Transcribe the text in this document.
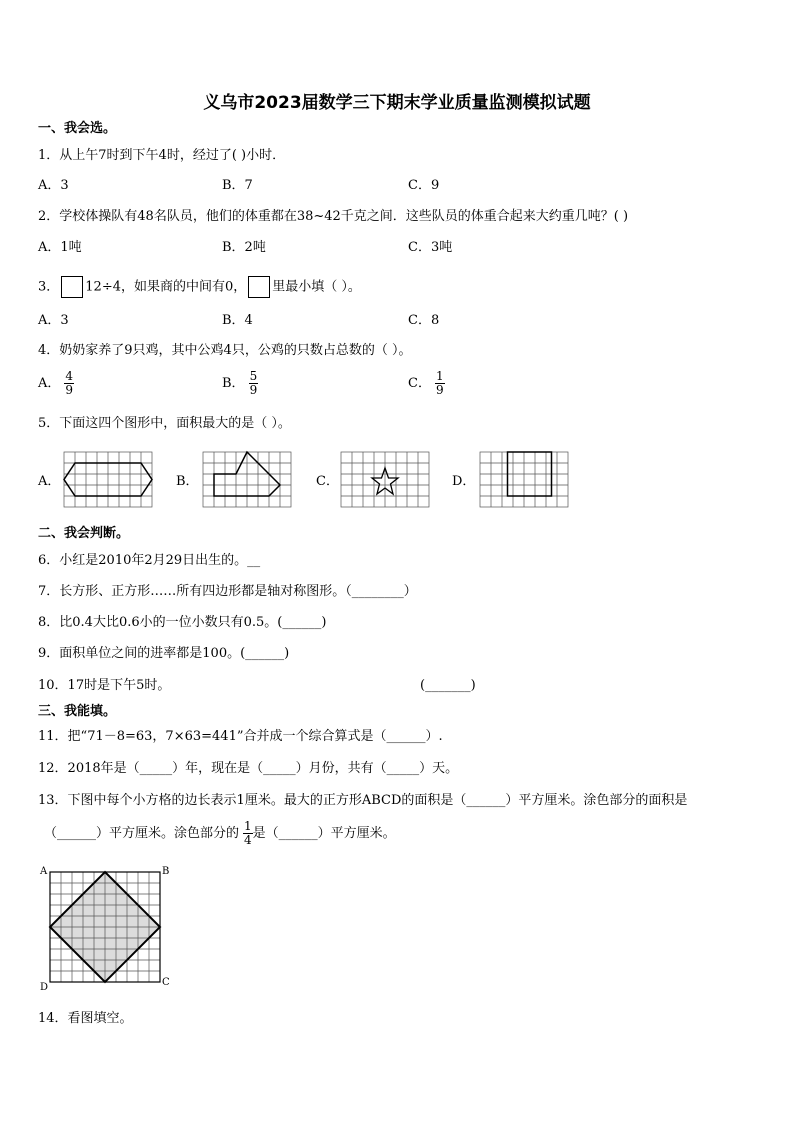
义乌市2023届数学三下期末学业质量监测模拟试题
一、我会选。
1．从上午7时到下午4时，经过了( )小时．
A．3	B．7	C．9
2．学校体操队有48名队员，他们的体重都在38~42千克之间．这些队员的体重合起来大约重几吨？( )
A．1吨	B．2吨	C．3吨
3． 12÷4，如果商的中间有0， 里最小填（ ）。
A．3	B．4	C．8
4．奶奶家养了9只鸡，其中公鸡4只，公鸡的只数占总数的（ ）。
A． $\frac{4}{9}$	B． $\frac{5}{9}$	C． $\frac{1}{9}$
5．下面这四个图形中，面积最大的是（ ）。
A．	B．	C．	D．
二、我会判断。
6．小红是2010年2月29日出生的。__
7．长方形、正方形……所有四边形都是轴对称图形。（________）
8．比0.4大比0.6小的一位小数只有0.5。(______)
9．面积单位之间的进率都是100。(______)
10．17时是下午5时。	(_______)
三、我能填。
11．把“71－8=63，7×63=441”合并成一个综合算式是（______）.
12．2018年是（_____）年，现在是（_____）月份，共有（_____）天。
13．下图中每个小方格的边长表示1厘米。最大的正方形ABCD的面积是（______）平方厘米。涂色部分的面积是
（______）平方厘米。涂色部分的 $\frac{1}{4}$ 是（______）平方厘米。
A	B
C
D
14．看图填空。
